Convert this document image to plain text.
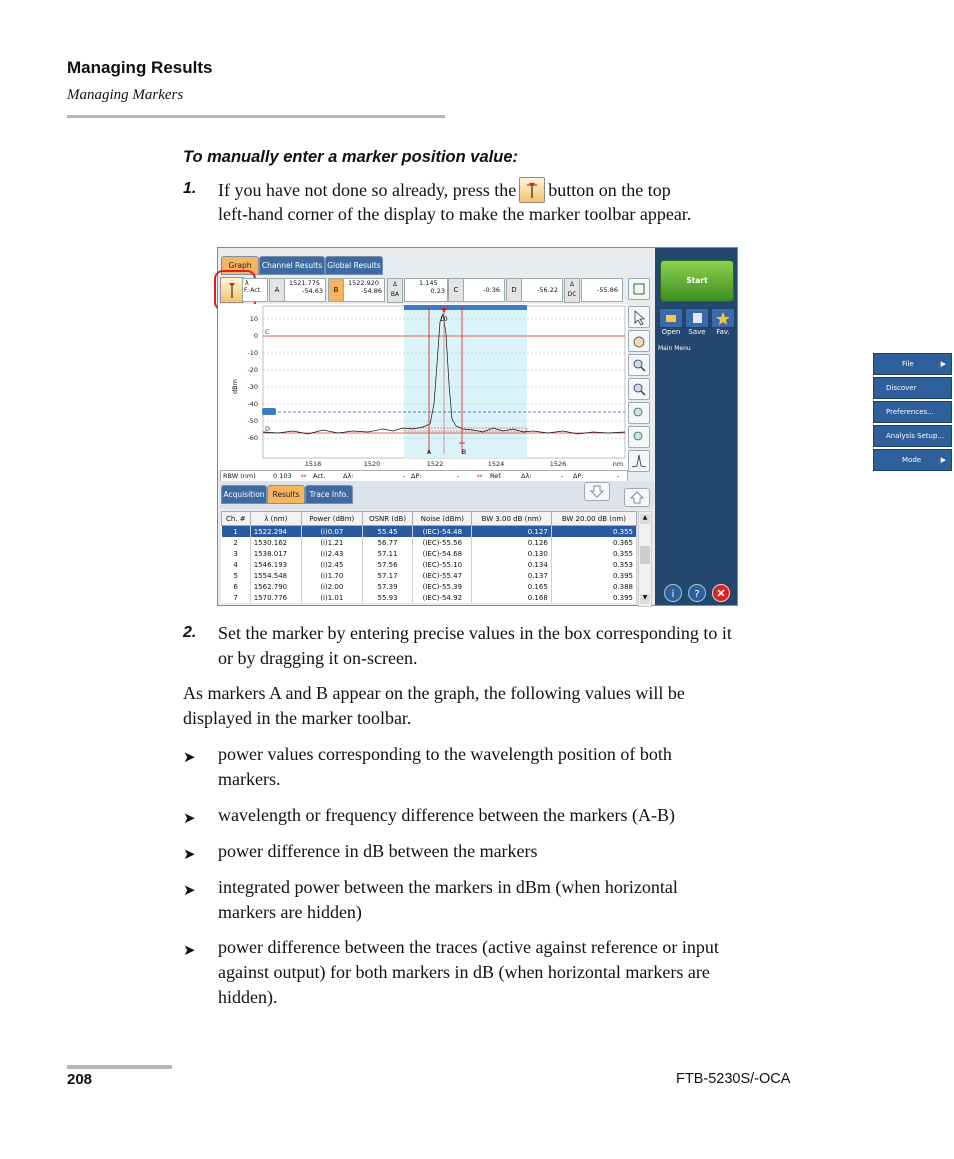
Managing Results
Managing Markers
To manually enter a marker position value:
1. If you have not done so already, press the button on the top
left-hand corner of the display to make the marker toolbar appear.
Graph	Channel Results Global Results
λ
F. Act.	A
1521.775
-54.63	B
1522.920
-54.86
Δ BA
1.145
0.23	C	-0.36	D	-56.22
Δ DC
-55.86
10
0
-10
-20
-30
-40
-50
-60
dBm
1518	1520	1522	1524	1526	nm
C
D
A	B
L0
RBW (nm)	0.103 ↔ Act.	Δλ:	- ΔP:	-	↔ Ref.	Δλ:	- ΔP:	-
Acquisition	Results	Trace Info.
Ch. #	λ (nm)	Power (dBm)	OSNR (dB)	Noise (dBm)	BW 3.00 dB (nm)	BW 20.00 dB (nm)
1	1522.294	(i)0.07	55.45	(IEC)-54.48	0.127	0.355
2	1530.162	(i)1.21	56.77	(IEC)-55.56	0.126	0.365
3	1538.017	(i)2.43	57.11	(IEC)-54.68	0.130	0.355
4	1546.193	(i)2.45	57.56	(IEC)-55.10	0.134	0.353
5	1554.548	(i)1.70	57.17	(IEC)-55.47	0.137	0.395
6	1562.790	(i)2.00	57.39	(IEC)-55.39	0.165	0.388
7	1570.776	(i)1.01	55.93	(IEC)-54.92	0.168	0.395
▲
▼
Start
Open	Save	Fav.
Main Menu
File	▶
Discover
Preferences...
Analysis Setup...
Mode	▶
i ?
2. Set the marker by entering precise values in the box corresponding to it
or by dragging it on-screen.
As markers A and B appear on the graph, the following values will be
displayed in the marker toolbar.
➤ power values corresponding to the wavelength position of both
markers.
➤ wavelength or frequency difference between the markers (A-B)
➤ power difference in dB between the markers
➤ integrated power between the markers in dBm (when horizontal
markers are hidden)
➤ power difference between the traces (active against reference or input
against output) for both markers in dB (when horizontal markers are
hidden).
208	FTB-5230S/-OCA
